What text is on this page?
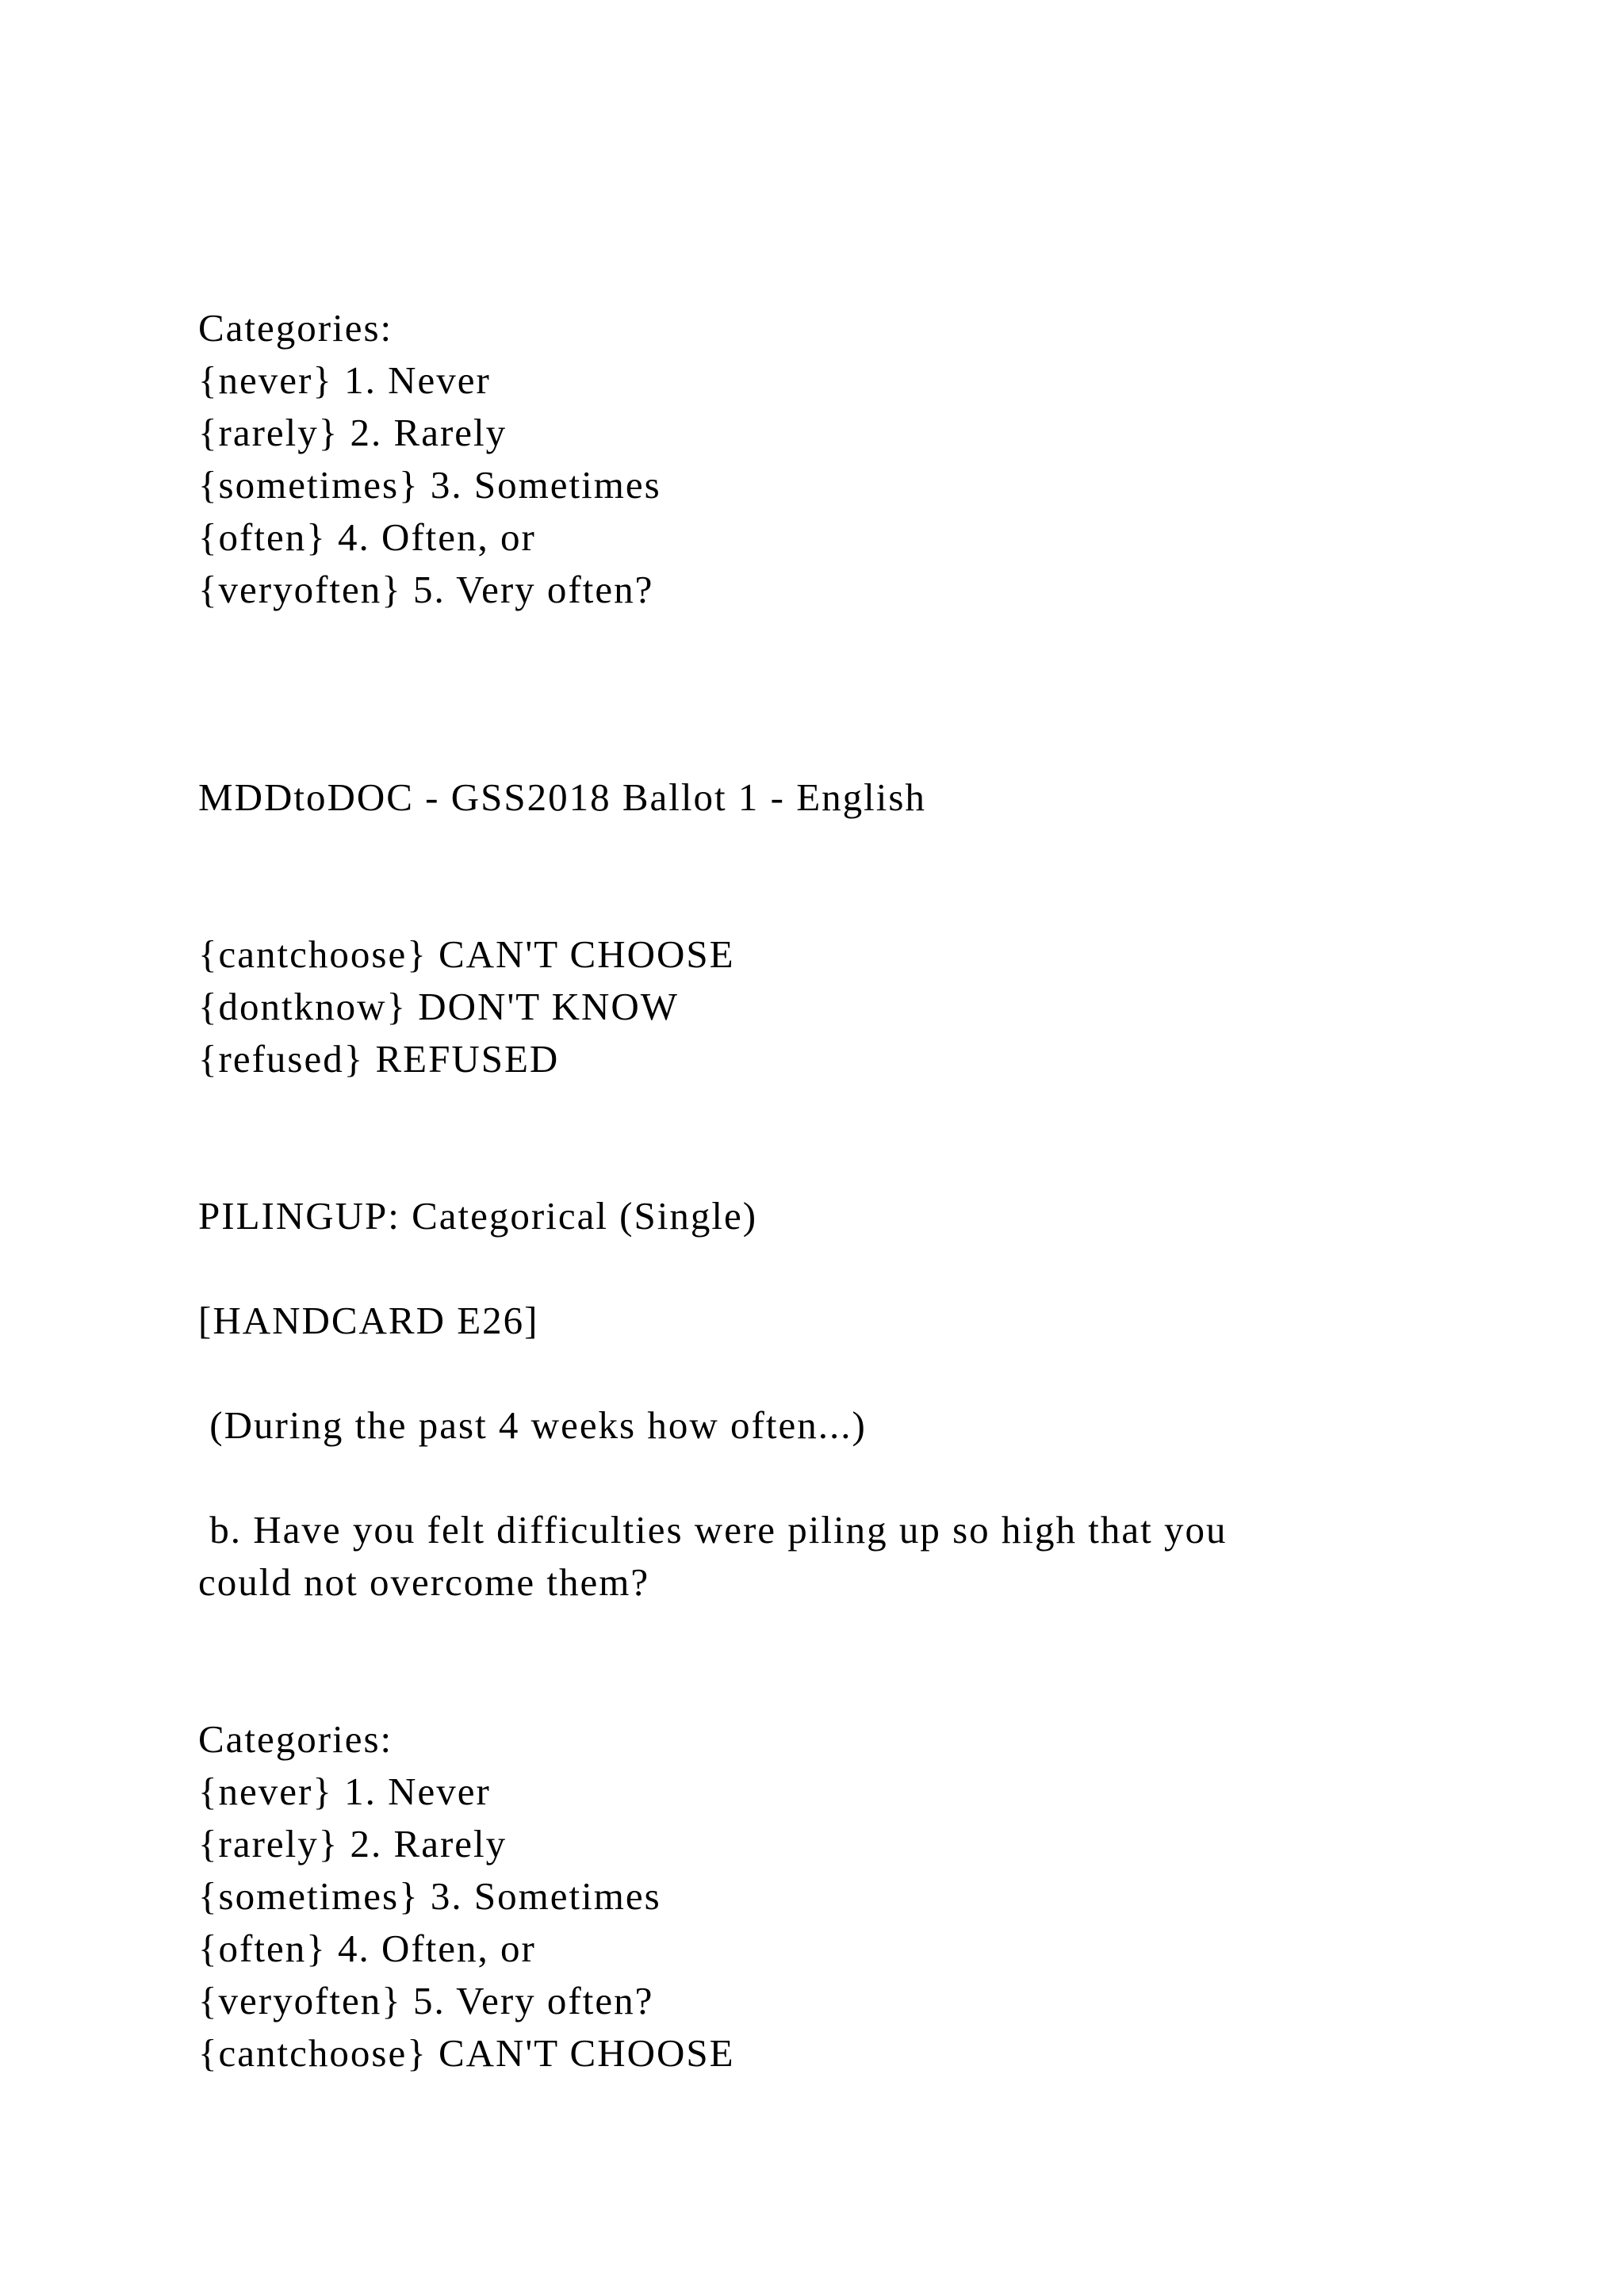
Categories:
{never} 1. Never
{rarely} 2. Rarely
{sometimes} 3. Sometimes
{often} 4. Often, or
{veryoften} 5. Very often?
MDDtoDOC - GSS2018 Ballot 1 - English
{cantchoose} CAN'T CHOOSE
{dontknow} DON'T KNOW
{refused} REFUSED
PILINGUP: Categorical (Single)
[HANDCARD E26]
(During the past 4 weeks how often...)
b. Have you felt difficulties were piling up so high that you
could not overcome them?
Categories:
{never} 1. Never
{rarely} 2. Rarely
{sometimes} 3. Sometimes
{often} 4. Often, or
{veryoften} 5. Very often?
{cantchoose} CAN'T CHOOSE
